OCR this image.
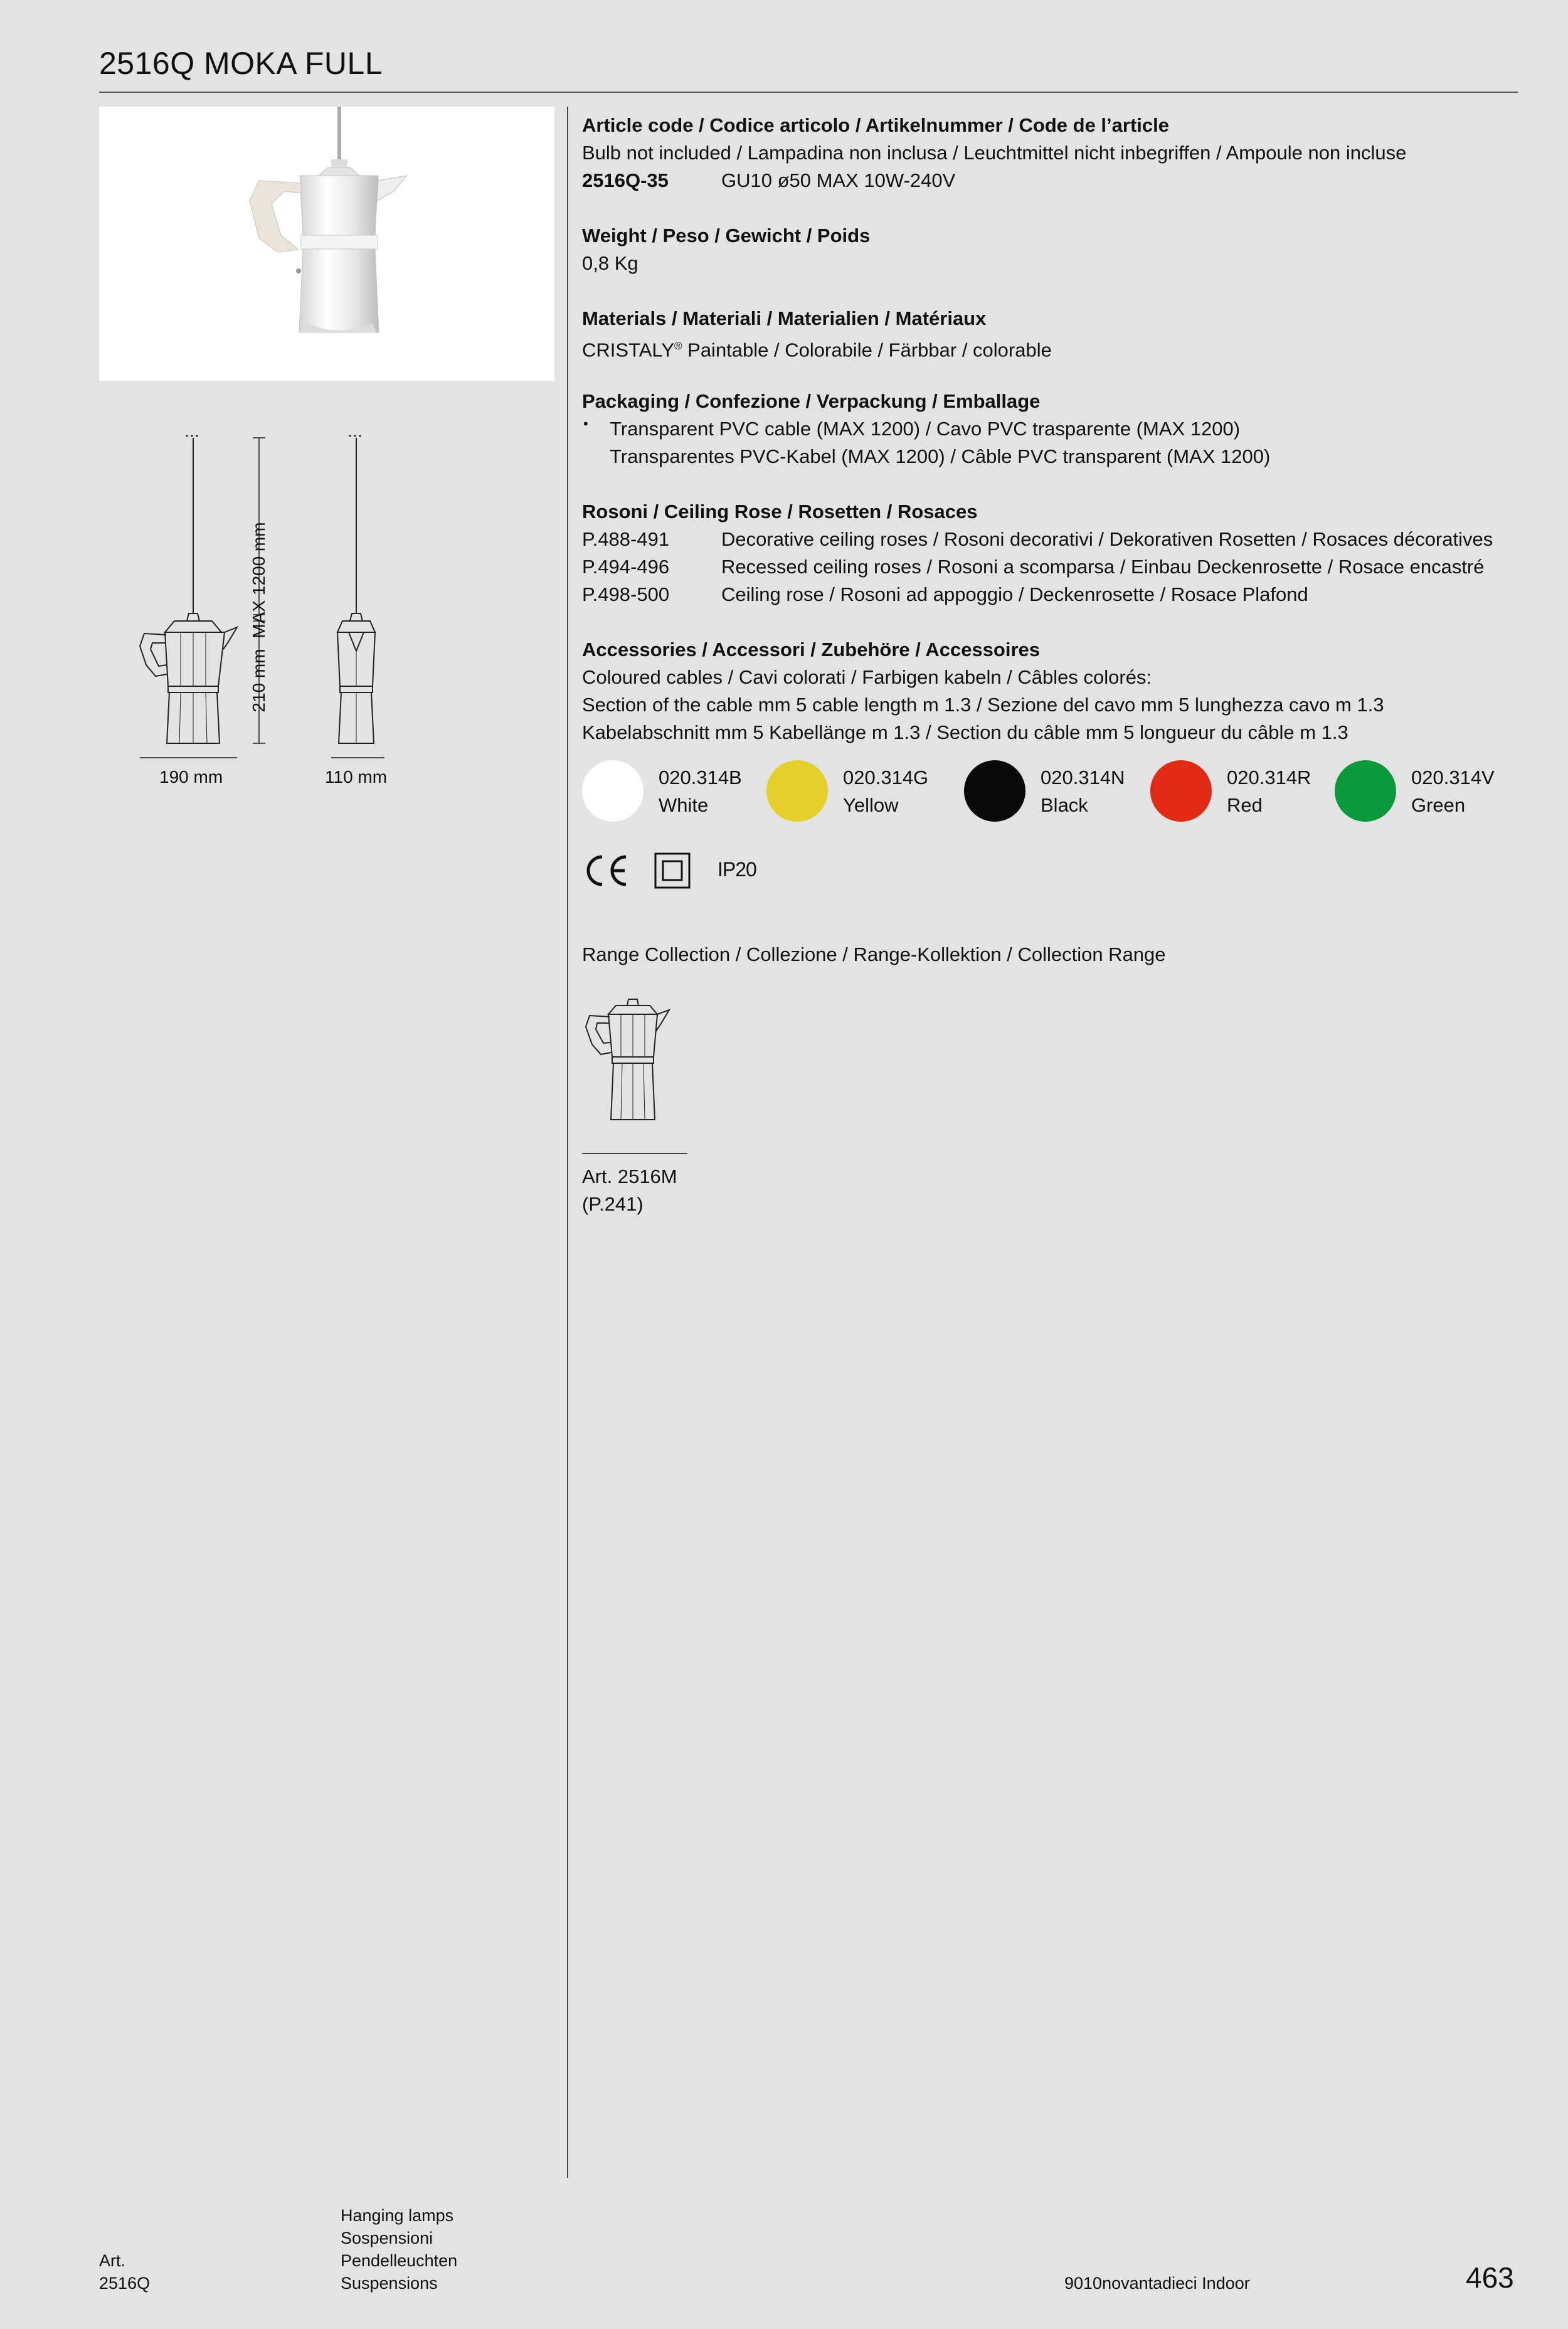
2516Q MOKA FULL
MAX 1200 mm
210 mm
190 mm	110 mm
Article code / Codice articolo / Artikelnummer / Code de l’article
Bulb not included / Lampadina non inclusa / Leuchtmittel nicht inbegriffen / Ampoule non incluse
2516Q-35	GU10 ø50 MAX 10W-240V
Weight / Peso / Gewicht / Poids
0,8 Kg
Materials / Materiali / Materialien / Matériaux
CRISTALY® Paintable / Colorabile / Färbbar / colorable
Packaging / Confezione / Verpackung / Emballage
• Transparent PVC cable (MAX 1200) / Cavo PVC trasparente (MAX 1200)
Transparentes PVC-Kabel (MAX 1200) / Câble PVC transparent (MAX 1200)
Rosoni / Ceiling Rose / Rosetten / Rosaces
P.488-491	Decorative ceiling roses / Rosoni decorativi / Dekorativen Rosetten / Rosaces décoratives
P.494-496	Recessed ceiling roses / Rosoni a scomparsa / Einbau Deckenrosette / Rosace encastré
P.498-500	Ceiling rose / Rosoni ad appoggio / Deckenrosette / Rosace Plafond
Accessories / Accessori / Zubehöre / Accessoires
Coloured cables / Cavi colorati / Farbigen kabeln / Câbles colorés:
Section of the cable mm 5 cable length m 1.3 / Sezione del cavo mm 5 lunghezza cavo m 1.3
Kabelabschnitt mm 5 Kabellänge m 1.3 / Section du câble mm 5 longueur du câble m 1.3
020.314B
White
020.314G
Yellow
020.314N
Black
020.314R
Red
020.314V
Green
IP20
Range Collection / Collezione / Range-Kollektion / Collection Range
Art. 2516M
(P.241)
Art.
2516Q
Hanging lamps
Sospensioni
Pendelleuchten
Suspensions	9010novantadieci Indoor	463
